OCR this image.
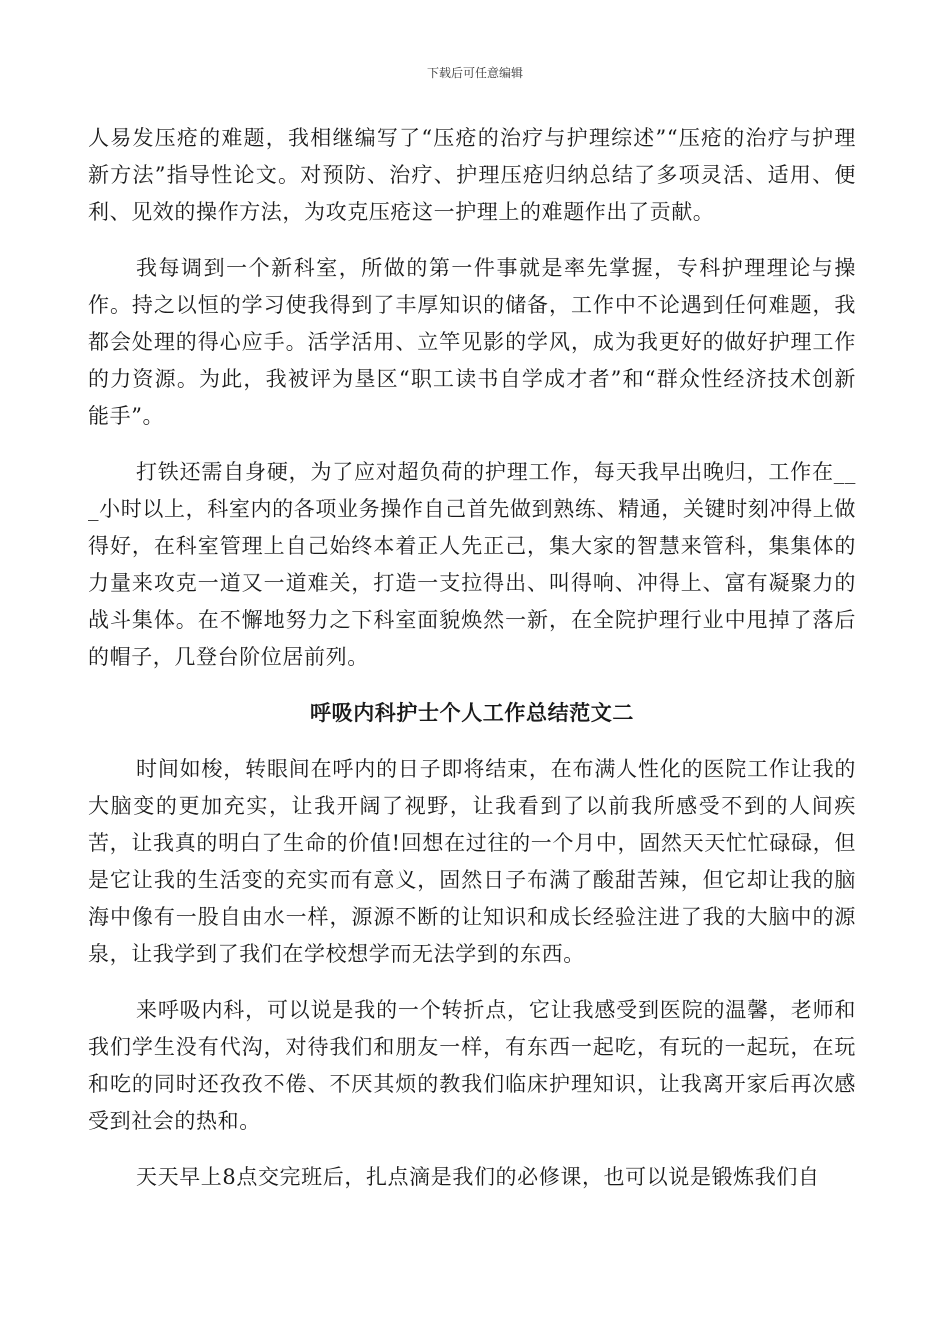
下载后可任意编辑

人易发压疮的难题，我相继编写了“压疮的治疗与护理综述”“压疮的治疗与护理新方法”指导性论文。对预防、治疗、护理压疮归纳总结了多项灵活、适用、便利、见效的操作方法，为攻克压疮这一护理上的难题作出了贡献。

我每调到一个新科室，所做的第一件事就是率先掌握，专科护理理论与操作。持之以恒的学习使我得到了丰厚知识的储备，工作中不论遇到任何难题，我都会处理的得心应手。活学活用、立竿见影的学风，成为我更好的做好护理工作的力资源。为此，我被评为垦区“职工读书自学成才者”和“群众性经济技术创新能手”。

打铁还需自身硬，为了应对超负荷的护理工作，每天我早出晚归，工作在___小时以上，科室内的各项业务操作自己首先做到熟练、精通，关键时刻冲得上做得好，在科室管理上自己始终本着正人先正己，集大家的智慧来管科，集集体的力量来攻克一道又一道难关，打造一支拉得出、叫得响、冲得上、富有凝聚力的战斗集体。在不懈地努力之下科室面貌焕然一新，在全院护理行业中甩掉了落后的帽子，几登台阶位居前列。

呼吸内科护士个人工作总结范文二

时间如梭，转眼间在呼内的日子即将结束，在布满人性化的医院工作让我的大脑变的更加充实，让我开阔了视野，让我看到了以前我所感受不到的人间疾苦，让我真的明白了生命的价值!回想在过往的一个月中，固然天天忙忙碌碌，但是它让我的生活变的充实而有意义，固然日子布满了酸甜苦辣，但它却让我的脑海中像有一股自由水一样，源源不断的让知识和成长经验注进了我的大脑中的源泉，让我学到了我们在学校想学而无法学到的东西。

来呼吸内科，可以说是我的一个转折点，它让我感受到医院的温馨，老师和我们学生没有代沟，对待我们和朋友一样，有东西一起吃，有玩的一起玩，在玩和吃的同时还孜孜不倦、不厌其烦的教我们临床护理知识，让我离开家后再次感受到社会的热和。

天天早上8点交完班后，扎点滴是我们的必修课，也可以说是锻炼我们自
